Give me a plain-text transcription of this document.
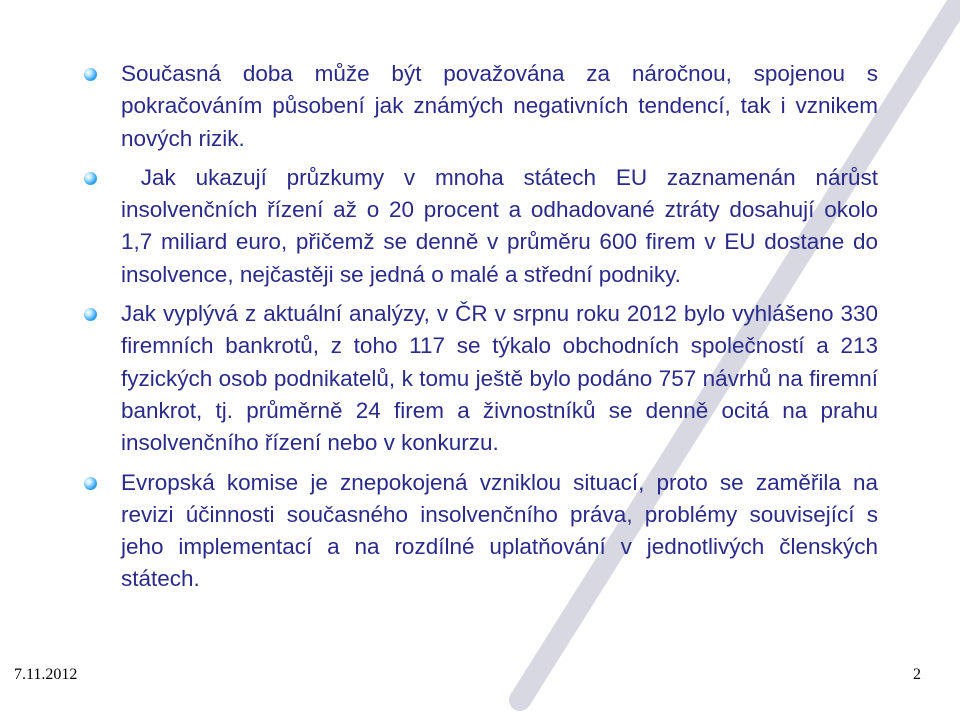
Současná doba může být považována za náročnou, spojenou s pokračováním působení jak známých negativních tendencí, tak i vznikem nových rizik.
Jak ukazují průzkumy v mnoha státech EU zaznamenán nárůst insolvenčních řízení až o 20 procent a odhadované ztráty dosahují okolo 1,7 miliard euro, přičemž se denně v průměru 600 firem v EU dostane do insolvence, nejčastěji se jedná o malé a střední podniky.
Jak vyplývá z aktuální analýzy, v ČR v srpnu roku 2012 bylo vyhlášeno 330 firemních bankrotů, z toho 117 se týkalo obchodních společností a 213 fyzických osob podnikatelů, k tomu ještě bylo podáno 757 návrhů na firemní bankrot, tj. průměrně 24 firem a živnostníků se denně ocitá na prahu insolvenčního řízení nebo v konkurzu.
Evropská komise je znepokojená vzniklou situací, proto se zaměřila na revizi účinnosti současného insolvenčního práva, problémy související s jeho implementací a na rozdílné uplatňování v jednotlivých členských státech.
7.11.2012	2
